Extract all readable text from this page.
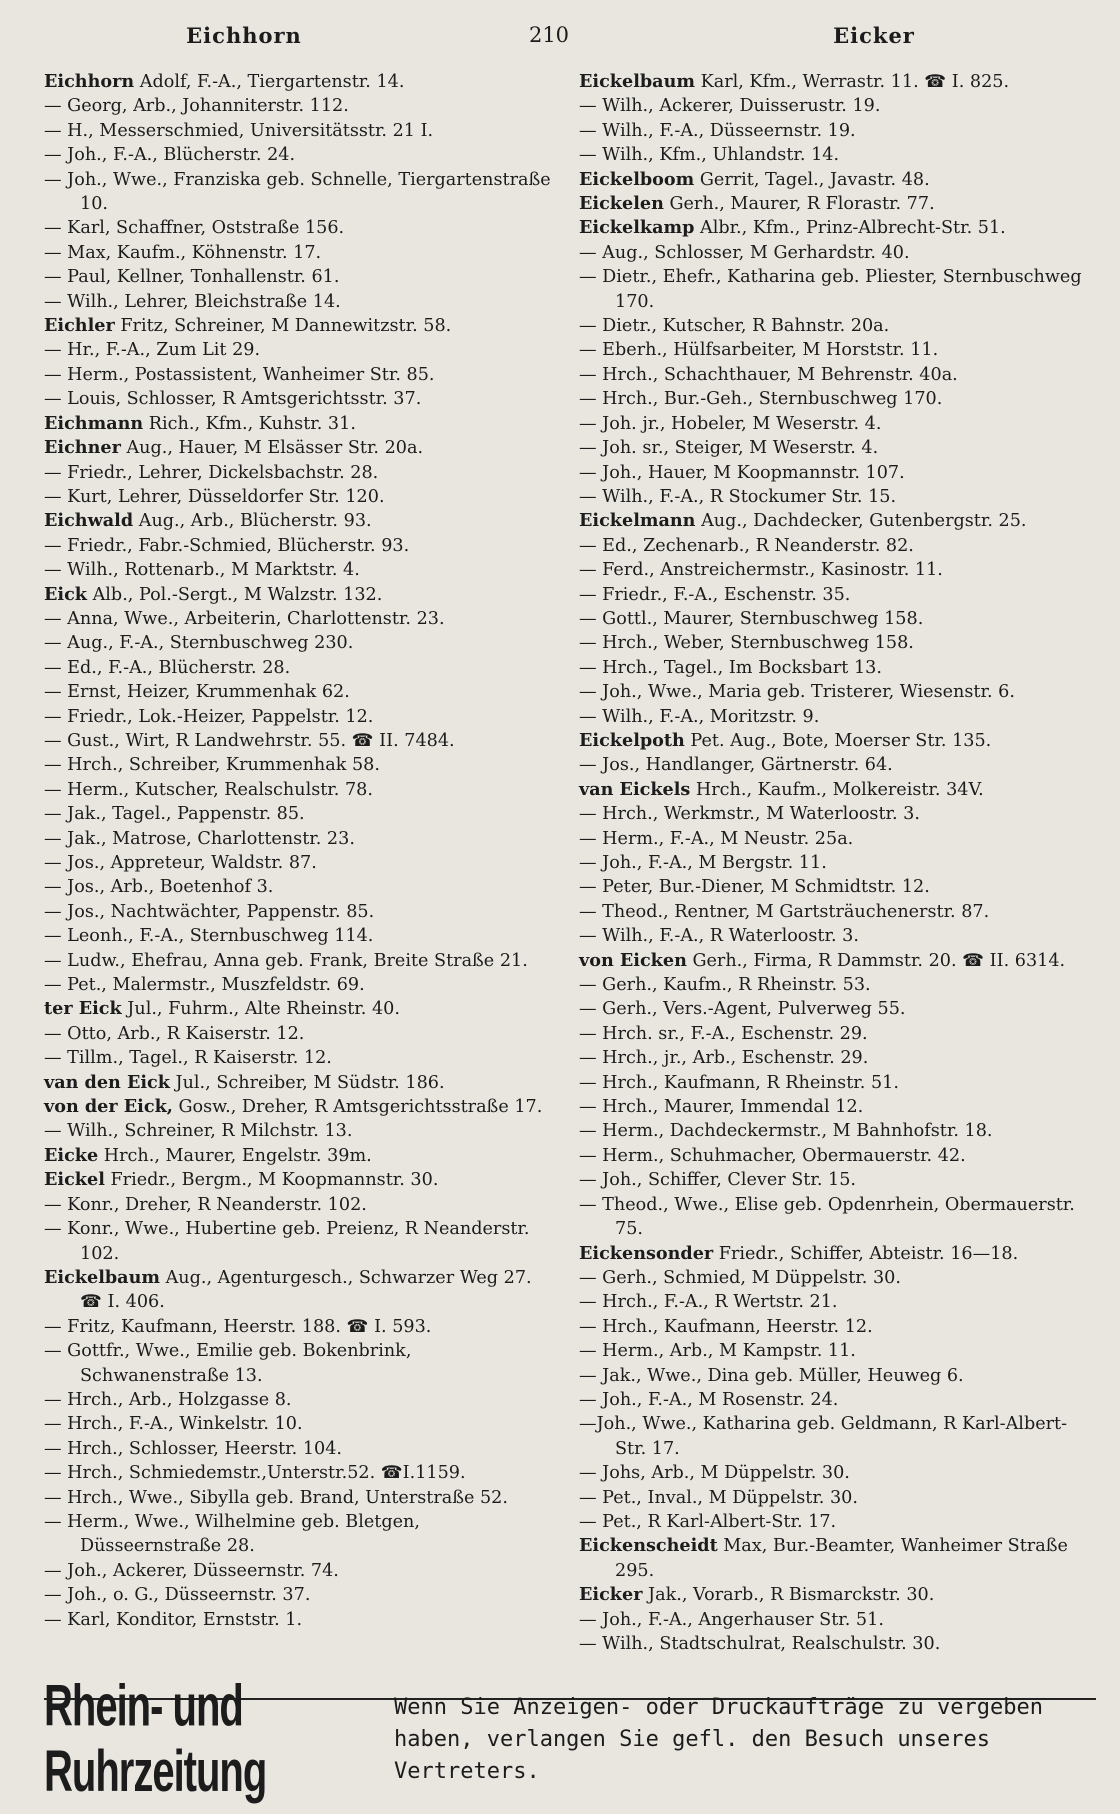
Eichhorn	210	Eicker
Eichhorn Adolf, F.-A., Tiergartenstr. 14.
— Georg, Arb., Johanniterstr. 112.
— H., Messerschmied, Universitätsstr. 21 I.
— Joh., F.-A., Blücherstr. 24.
— Joh., Wwe., Franziska geb. Schnelle, Tiergartenstraße 10.
— Karl, Schaffner, Oststraße 156.
— Max, Kaufm., Köhnenstr. 17.
— Paul, Kellner, Tonhallenstr. 61.
— Wilh., Lehrer, Bleichstraße 14.
Eichler Fritz, Schreiner, M Dannewitzstr. 58.
— Hr., F.-A., Zum Lit 29.
— Herm., Postassistent, Wanheimer Str. 85.
— Louis, Schlosser, R Amtsgerichtsstr. 37.
Eichmann Rich., Kfm., Kuhstr. 31.
Eichner Aug., Hauer, M Elsässer Str. 20a.
— Friedr., Lehrer, Dickelsbachstr. 28.
— Kurt, Lehrer, Düsseldorfer Str. 120.
Eichwald Aug., Arb., Blücherstr. 93.
— Friedr., Fabr.-Schmied, Blücherstr. 93.
— Wilh., Rottenarb., M Marktstr. 4.
Eick Alb., Pol.-Sergt., M Walzstr. 132.
— Anna, Wwe., Arbeiterin, Charlottenstr. 23.
— Aug., F.-A., Sternbuschweg 230.
— Ed., F.-A., Blücherstr. 28.
— Ernst, Heizer, Krummenhak 62.
— Friedr., Lok.-Heizer, Pappelstr. 12.
— Gust., Wirt, R Landwehrstr. 55. ☎ II. 7484.
— Hrch., Schreiber, Krummenhak 58.
— Herm., Kutscher, Realschulstr. 78.
— Jak., Tagel., Pappenstr. 85.
— Jak., Matrose, Charlottenstr. 23.
— Jos., Appreteur, Waldstr. 87.
— Jos., Arb., Boetenhof 3.
— Jos., Nachtwächter, Pappenstr. 85.
— Leonh., F.-A., Sternbuschweg 114.
— Ludw., Ehefrau, Anna geb. Frank, Breite Straße 21.
— Pet., Malermstr., Muszfeldstr. 69.
ter Eick Jul., Fuhrm., Alte Rheinstr. 40.
— Otto, Arb., R Kaiserstr. 12.
— Tillm., Tagel., R Kaiserstr. 12.
van den Eick Jul., Schreiber, M Südstr. 186.
von der Eick, Gosw., Dreher, R Amtsgerichtsstraße 17.
— Wilh., Schreiner, R Milchstr. 13.
Eicke Hrch., Maurer, Engelstr. 39m.
Eickel Friedr., Bergm., M Koopmannstr. 30.
— Konr., Dreher, R Neanderstr. 102.
— Konr., Wwe., Hubertine geb. Preienz, R Neanderstr. 102.
Eickelbaum Aug., Agenturgesch., Schwarzer Weg 27. ☎ I. 406.
— Fritz, Kaufmann, Heerstr. 188. ☎ I. 593.
— Gottfr., Wwe., Emilie geb. Bokenbrink, Schwanenstraße 13.
— Hrch., Arb., Holzgasse 8.
— Hrch., F.-A., Winkelstr. 10.
— Hrch., Schlosser, Heerstr. 104.
— Hrch., Schmiedemstr.,Unterstr.52. ☎I.1159.
— Hrch., Wwe., Sibylla geb. Brand, Unterstraße 52.
— Herm., Wwe., Wilhelmine geb. Bletgen, Düsseernstraße 28.
— Joh., Ackerer, Düsseernstr. 74.
— Joh., o. G., Düsseernstr. 37.
— Karl, Konditor, Ernststr. 1.
Eickelbaum Karl, Kfm., Werrastr. 11. ☎ I. 825.
— Wilh., Ackerer, Duisserustr. 19.
— Wilh., F.-A., Düsseernstr. 19.
— Wilh., Kfm., Uhlandstr. 14.
Eickelboom Gerrit, Tagel., Javastr. 48.
Eickelen Gerh., Maurer, R Florastr. 77.
Eickelkamp Albr., Kfm., Prinz-Albrecht-Str. 51.
— Aug., Schlosser, M Gerhardstr. 40.
— Dietr., Ehefr., Katharina geb. Pliester, Sternbuschweg 170.
— Dietr., Kutscher, R Bahnstr. 20a.
— Eberh., Hülfsarbeiter, M Horststr. 11.
— Hrch., Schachthauer, M Behrenstr. 40a.
— Hrch., Bur.-Geh., Sternbuschweg 170.
— Joh. jr., Hobeler, M Weserstr. 4.
— Joh. sr., Steiger, M Weserstr. 4.
— Joh., Hauer, M Koopmannstr. 107.
— Wilh., F.-A., R Stockumer Str. 15.
Eickelmann Aug., Dachdecker, Gutenbergstr. 25.
— Ed., Zechenarb., R Neanderstr. 82.
— Ferd., Anstreichermstr., Kasinostr. 11.
— Friedr., F.-A., Eschenstr. 35.
— Gottl., Maurer, Sternbuschweg 158.
— Hrch., Weber, Sternbuschweg 158.
— Hrch., Tagel., Im Bocksbart 13.
— Joh., Wwe., Maria geb. Tristerer, Wiesenstr. 6.
— Wilh., F.-A., Moritzstr. 9.
Eickelpoth Pet. Aug., Bote, Moerser Str. 135.
— Jos., Handlanger, Gärtnerstr. 64.
van Eickels Hrch., Kaufm., Molkereistr. 34V.
— Hrch., Werkmstr., M Waterloostr. 3.
— Herm., F.-A., M Neustr. 25a.
— Joh., F.-A., M Bergstr. 11.
— Peter, Bur.-Diener, M Schmidtstr. 12.
— Theod., Rentner, M Gartsträuchenerstr. 87.
— Wilh., F.-A., R Waterloostr. 3.
von Eicken Gerh., Firma, R Dammstr. 20. ☎ II. 6314.
— Gerh., Kaufm., R Rheinstr. 53.
— Gerh., Vers.-Agent, Pulverweg 55.
— Hrch. sr., F.-A., Eschenstr. 29.
— Hrch., jr., Arb., Eschenstr. 29.
— Hrch., Kaufmann, R Rheinstr. 51.
— Hrch., Maurer, Immendal 12.
— Herm., Dachdeckermstr., M Bahnhofstr. 18.
— Herm., Schuhmacher, Obermauerstr. 42.
— Joh., Schiffer, Clever Str. 15.
— Theod., Wwe., Elise geb. Opdenrhein, Obermauerstr. 75.
Eickensonder Friedr., Schiffer, Abteistr. 16—18.
— Gerh., Schmied, M Düppelstr. 30.
— Hrch., F.-A., R Wertstr. 21.
— Hrch., Kaufmann, Heerstr. 12.
— Herm., Arb., M Kampstr. 11.
— Jak., Wwe., Dina geb. Müller, Heuweg 6.
— Joh., F.-A., M Rosenstr. 24.
—Joh., Wwe., Katharina geb. Geldmann, R Karl-Albert-Str. 17.
— Johs, Arb., M Düppelstr. 30.
— Pet., Inval., M Düppelstr. 30.
— Pet., R Karl-Albert-Str. 17.
Eickenscheidt Max, Bur.-Beamter, Wanheimer Straße 295.
Eicker Jak., Vorarb., R Bismarckstr. 30.
— Joh., F.-A., Angerhauser Str. 51.
— Wilh., Stadtschulrat, Realschulstr. 30.
Rhein- und Ruhrzeitung
Wenn Sie Anzeigen- oder Druckaufträge zu vergeben
haben, verlangen Sie gefl. den Besuch unseres Vertreters.
